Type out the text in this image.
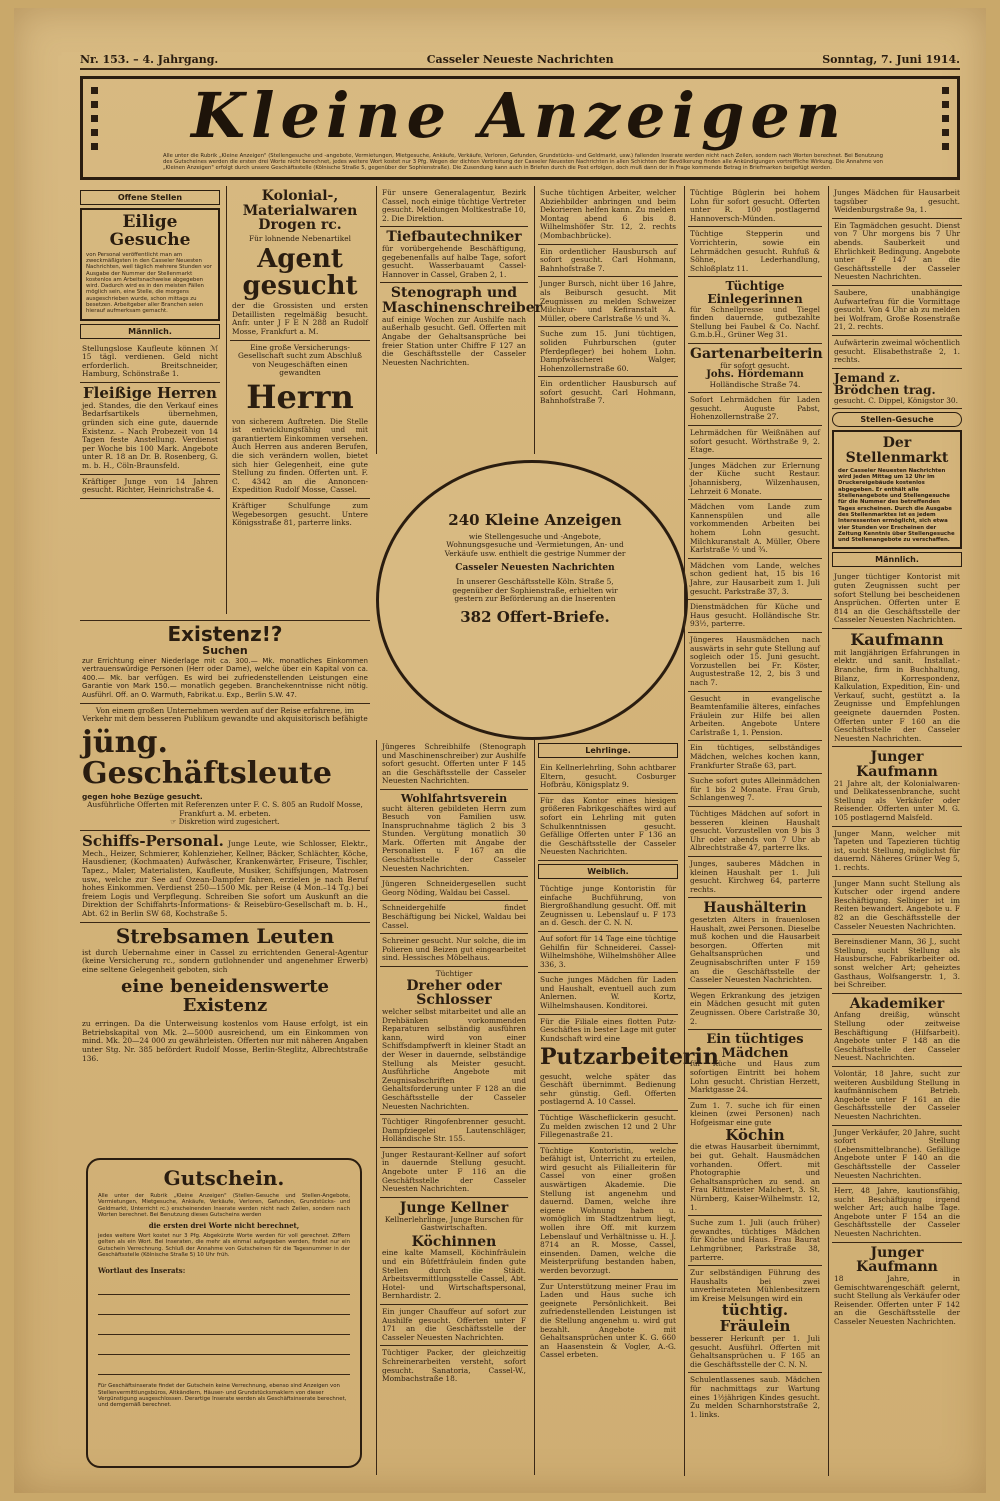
Nr. 153. – 4. Jahrgang.	Casseler Neueste Nachrichten	Sonntag, 7. Juni 1914.
Kleine Anzeigen
Alle unter die Rubrik „Kleine Anzeigen" (Stellengesuche und -angebote, Vermietungen, Mietgesuche, Ankäufe, Verkäufe, Verloren, Gefunden, Grundstücks- und Geldmarkt, usw.) fallenden Inserate werden nicht nach Zeilen, sondern nach Worten berechnet. Bei Benutzung des Gutscheines werden die ersten drei Worte nicht berechnet, jedes weitere Wort kostet nur 3 Pfg. Wegen der dichten Verbreitung der Casseler Neuesten Nachrichten in allen Schichten der Bevölkerung finden alle Ankündigungen vortreffliche Wirkung. Die Annahme von „Kleinen Anzeigen" erfolgt durch unsere Geschäftsstelle (Kölnische Straße 5, gegenüber der Sophienstraße). Die Zusendung kann auch in Briefen durch die Post erfolgen, doch muß dann der in Frage kommende Betrag in Briefmarken beigefügt werden.
Offene Stellen
Eilige Gesuche
von Personal veröffentlicht man am zweckmäßigsten in den Casseler Neuesten Nachrichten, weil täglich mehrere Stunden vor Ausgabe der Nummer der Stellenmarkt kostenlos am Arbeitsnachweise abgegeben wird. Dadurch wird es in den meisten Fällen möglich sein, eine Stelle, die morgens ausgeschrieben wurde, schon mittags zu besetzen. Arbeitgeber aller Branchen seien hierauf aufmerksam gemacht.
Männlich.
Stellungslose Kaufleute können ℳ 15 tägl. verdienen. Geld nicht erforderlich. Breitschneider, Hamburg, Schönstraße 1.
Fleißige Herren
jed. Standes, die den Verkauf eines Bedarfsartikels übernehmen, gründen sich eine gute, dauernde Existenz. – Nach Probezeit von 14 Tagen feste Anstellung. Verdienst per Woche bis 100 Mark. Angebote unter R. 18 an Dr. B. Rosenberg, G. m. b. H., Cöln-Braunsfeld.
Kräftiger Junge von 14 Jahren gesucht. Richter, Heinrichstraße 4.
Kolonial-, Materialwaren Drogen rc.
Für lohnende Nebenartikel
Agent gesucht
der die Grossisten und ersten Detaillisten regelmäßig besucht. Anfr. unter J F E N 288 an Rudolf Mosse, Frankfurt a. M.
Eine große Versicherungs-Gesellschaft sucht zum Abschluß von Neugeschäften einen gewandten
Herrn
von sicherem Auftreten. Die Stelle ist entwicklungsfähig und mit garantiertem Einkommen versehen. Auch Herren aus anderen Berufen, die sich verändern wollen, bietet sich hier Gelegenheit, eine gute Stellung zu finden. Offerten unt. F. C. 4342 an die Annoncen-Expedition Rudolf Mosse, Cassel.
Kräftiger Schulfunge zum Wegebesorgen gesucht. Untere Königsstraße 81, parterre links.
Existenz!?
Suchen
zur Errichtung einer Niederlage mit ca. 300.— Mk. monatliches Einkommen vertrauenswürdige Personen (Herr oder Dame), welche über ein Kapital von ca. 400.— Mk. bar verfügen. Es wird bei zufriedenstellenden Leistungen eine Garantie von Mark 150.— monatlich gegeben. Branchekenntnisse nicht nötig. Ausführl. Off. an O. Warmuth, Fabrikat.u. Exp., Berlin S.W. 47.
Von einem großen Unternehmen werden auf der Reise erfahrene, im Verkehr mit dem besseren Publikum gewandte und akquisitorisch befähigte
jüng. Geschäftsleute
gegen hohe Bezüge gesucht.
Ausführliche Offerten mit Referenzen unter F. C. S. 805 an Rudolf Mosse, Frankfurt a. M. erbeten.
☞ Diskretion wird zugesichert.
Schiffs-Personal. Junge Leute, wie Schlosser, Elektr., Mech., Heizer, Schmierer, Kohlenzieher, Kellner, Bäcker, Schlächter, Köche, Hausdiener, (Kochmaaten) Aufwäscher, Krankenwärter, Friseure, Tischler, Tapez., Maler, Materialisten, Kaufleute, Musiker, Schiffsjungen, Matrosen usw., welche zur See auf Ozean-Dampfer fahren, erzielen je nach Beruf hohes Einkommen. Verdienst 250—1500 Mk. per Reise (4 Mon.–14 Tg.) bei freiem Logis und Verpflegung. Schreiben Sie sofort um Auskunft an die Direktion der Schiffahrts-Informations- & Reisebüro-Gesellschaft m. b. H., Abt. 62 in Berlin SW 68, Kochstraße 5.
Strebsamen Leuten
ist durch Uebernahme einer in Cassel zu errichtenden General-Agentur (keine Versicherung rc., sondern gutlohnender und angenehmer Erwerb) eine seltene Gelegenheit geboten, sich
eine beneidenswerte Existenz
zu erringen. Da die Unterweisung kostenlos vom Hause erfolgt, ist ein Betriebskapital von Mk. 2—5000 ausreichend, um ein Einkommen von mind. Mk. 20—24 000 zu gewährleisten. Offerten nur mit näheren Angaben unter Stg. Nr. 385 befördert Rudolf Mosse, Berlin-Steglitz, Albrechtstraße 136.
Gutschein.
Alle unter der Rubrik „Kleine Anzeigen" (Stellen-Gesuche und Stellen-Angebote, Vermietungen, Mietgesuche, Ankäufe, Verkäufe, Verloren, Gefunden, Grundstücks- und Geldmarkt, Unterricht rc.) erscheinenden Inserate werden nicht nach Zeilen, sondern nach Worten berechnet. Bei Benutzung dieses Gutscheins werden
die ersten drei Worte nicht berechnet,
jedes weitere Wort kostet nur 3 Pfg. Abgekürzte Worte werden für voll gerechnet. Ziffern gelten als ein Wort. Bei Inseraten, die mehr als einmal aufgegeben werden, findet nur ein Gutschein Verrechnung. Schluß der Annahme von Gutscheinen für die Tagesnummer in der Geschäftsstelle (Kölnische Straße 5) 10 Uhr früh.
Wortlaut des Inserats:
Für Geschäftsinserate findet der Gutschein keine Verrechnung, ebenso sind Anzeigen von Stellenvermittlungsbüros, Altkändlern, Häuser- und Grundstücksmaklern von dieser Vergünstigung ausgeschlossen. Derartige Inserate werden als Geschäftsinserate berechnet, und demgemäß berechnet.
Für unsere Generalagentur, Bezirk Cassel, noch einige tüchtige Vertreter gesucht. Meldungen Moltkestraße 10, 2. Die Direktion.
Tiefbautechniker
für vorübergehende Beschäftigung, gegebenenfalls auf halbe Tage, sofort gesucht. Wasserbauamt Cassel-Hannover in Cassel, Graben 2, 1.
Stenograph und Maschinenschreiber
auf einige Wochen zur Aushilfe nach außerhalb gesucht. Gefl. Offerten mit Angabe der Gehaltsansprüche bei freier Station unter Chiffre F 127 an die Geschäftsstelle der Casseler Neuesten Nachrichten.
Suche tüchtigen Arbeiter, welcher Abziehbilder anbringen und beim Dekorieren helfen kann. Zu melden Montag abend 6 bis 8. Wilhelmshöfer Str. 12, 2. rechts (Mombachbrücke).
Ein ordentlicher Hausbursch auf sofort gesucht. Carl Hohmann, Bahnhofstraße 7.
Junger Bursch, nicht über 16 Jahre, als Beibursch gesucht. Mit Zeugnissen zu melden Schweizer Milchkur- und Kefiranstalt A. Müller, obere Carlstraße ½ und ¾.
Suche zum 15. Juni tüchtigen, soliden Fuhrburschen (guter Pferdepfleger) bei hohem Lohn. Dampfwäscherei Walger, Hohenzollernstraße 60.
Ein ordentlicher Hausbursch auf sofort gesucht. Carl Hohmann, Bahnhofstraße 7.
240 Kleine Anzeigen
wie Stellengesuche und -Angebote, Wohnungsgesuche und -Vermietungen, An- und Verkäufe usw. enthielt die gestrige Nummer der
Casseler Neuesten Nachrichten
In unserer Geschäftsstelle Köln. Straße 5, gegenüber der Sophienstraße, erhielten wir gestern zur Beförderung an die Inserenten
382 Offert-Briefe.
Jüngeres Schreibhilfe (Stenograph und Maschinenschreiber) zur Aushilfe sofort gesucht. Offerten unter F 145 an die Geschäftsstelle der Casseler Neuesten Nachrichten.
Wohlfahrtsverein
sucht älteren gebildeten Herrn zum Besuch von Familien usw. Inanspruchnahme täglich 2 bis 3 Stunden. Vergütung monatlich 30 Mark. Offerten mit Angabe der Personalien u. F 167 an die Geschäftsstelle der Casseler Neuesten Nachrichten.
Jüngeren Schneidergesellen sucht Georg Nöding, Waldau bei Cassel.
Schneidergehilfe findet Beschäftigung bei Nickel, Waldau bei Cassel.
Schreiner gesucht. Nur solche, die im Polieren und Beizen gut eingearbeitet sind. Hessisches Möbelhaus.
Tüchtiger
Dreher oder Schlosser
welcher selbst mitarbeitet und alle an Drehbänken vorkommenden Reparaturen selbständig ausführen kann, wird von einer Schiffsdampfwerft in kleiner Stadt an der Weser in dauernde, selbständige Stellung als Meister gesucht. Ausführliche Angebote mit Zeugnisabschriften und Gehaltsforderung unter F 128 an die Geschäftsstelle der Casseler Neuesten Nachrichten.
Tüchtiger Ringofenbrenner gesucht. Dampfziegelei Lautenschläger, Holländische Str. 155.
Junger Restaurant-Kellner auf sofort in dauernde Stellung gesucht. Angebote unter F 116 an die Geschäftsstelle der Casseler Neuesten Nachrichten.
Junge Kellner
Kellnerlehrlinge, Junge Burschen für Gastwirtschaften.
Köchinnen
eine kalte Mamsell, Köchinfräulein und ein Büfettfräulein finden gute Stellen durch die Städt. Arbeitsvermittlungsstelle Cassel, Abt. Hotel- und Wirtschaftspersonal, Bernhardistr. 2.
Ein junger Chauffeur auf sofort zur Aushilfe gesucht. Offerten unter F 171 an die Geschäftsstelle der Casseler Neuesten Nachrichten.
Tüchtiger Packer, der gleichzeitig Schreinerarbeiten versteht, sofort gesucht. Sanatoria, Cassel-W., Mombachstraße 18.
Lehrlinge.
Ein Kellnerlehrling, Sohn achtbarer Eltern, gesucht. Cosburger Hofbräu, Königsplatz 9.
Für das Kontor eines hiesigen größeren Fabrikgeschäftes wird auf sofort ein Lehrling mit guten Schulkenntnissen gesucht. Gefällige Offerten unter F 136 an die Geschäftsstelle der Casseler Neuesten Nachrichten.
Weiblich.
Tüchtige junge Kontoristin für einfache Buchführung, von Biergroßhandlung gesucht. Off. mit Zeugnissen u. Lebenslauf u. F 173 an d. Gesch. der C. N. N.
Auf sofort für 14 Tage eine tüchtige Gehilfin für Schneiderei. Cassel-Wilhelmshöhe, Wilhelmshöher Allee 336, 3.
Suche junges Mädchen für Laden und Haushalt, eventuell auch zum Anlernen. W. Kortz, Wilhelmshausen. Konditorei.
Für die Filiale eines flotten Putz-Geschäftes in bester Lage mit guter Kundschaft wird eine
Putzarbeiterin
gesucht, welche später das Geschäft übernimmt. Bedienung sehr günstig. Gefl. Offerten postlagernd A. 10 Cassel.
Tüchtige Wäscheflickerin gesucht. Zu melden zwischen 12 und 2 Uhr Fillegenastraße 21.
Tüchtige Kontoristin, welche befähigt ist, Unterricht zu erteilen, wird gesucht als Filialleiterin für Cassel von einer großen auswärtigen Akademie. Die Stellung ist angenehm und dauernd. Damen, welche ihre eigene Wohnung haben u. womöglich im Stadtzentrum liegt, wollen ihre Off. mit kurzem Lebenslauf und Verhältnisse u. H. J. 8714 an R. Mosse, Cassel, einsenden. Damen, welche die Meisterprüfung bestanden haben, werden bevorzugt.
Zur Unterstützung meiner Frau im Laden und Haus suche ich geeignete Persönlichkeit. Bei zufriedenstellenden Leistungen ist die Stellung angenehm u. wird gut bezahlt. Angebote mit Gehaltsansprüchen unter K. G. 660 an Haasenstein & Vogler, A.-G. Cassel erbeten.
Tüchtige Büglerin bei hohem Lohn für sofort gesucht. Offerten unter R. 100 postlagernd Hannoversch-Münden.
Tüchtige Stepperin und Vorrichterin, sowie ein Lehrmädchen gesucht. Ruhfuß & Söhne, Lederhandlung, Schloßplatz 11.
Tüchtige Einlegerinnen
für Schnellpresse und Tiegel finden dauernde, gutbezahlte Stellung bei Faubel & Co. Nachf. G.m.b.H., Grüner Weg 31.
Gartenarbeiterin
für sofort gesucht.
Johs. Hördemann
Holländische Straße 74.
Sofort Lehrmädchen für Laden gesucht. Auguste Pabst, Hohenzollernstraße 27.
Lehrmädchen für Weißnähen auf sofort gesucht. Wörthstraße 9, 2. Etage.
Junges Mädchen zur Erlernung der Küche sucht Restaur. Johannisberg, Wilzenhausen, Lehrzeit 6 Monate.
Mädchen vom Lande zum Kannenspülen und alle vorkommenden Arbeiten bei hohem Lohn gesucht. Milchkuranstalt A. Müller, Obere Karlstraße ½ und ¾.
Mädchen vom Lande, welches schon gedient hat, 15 bis 16 Jahre, zur Hausarbeit zum 1. Juli gesucht. Parkstraße 37, 3.
Dienstmädchen für Küche und Haus gesucht. Holländische Str. 93½, parterre.
Jüngeres Hausmädchen nach auswärts in sehr gute Stellung auf sogleich oder 15. Juni gesucht. Vorzustellen bei Fr. Köster, Augustestraße 12, 2, bis 3 und nach 7.
Gesucht in evangelische Beamtenfamilie älteres, einfaches Fräulein zur Hilfe bei allen Arbeiten. Angebote Untere Carlstraße 1, 1. Pension.
Ein tüchtiges, selbständiges Mädchen, welches kochen kann, Frankfurter Straße 63, part.
Suche sofort gutes Alleinmädchen für 1 bis 2 Monate. Frau Grub, Schlangenweg 7.
Tüchtiges Mädchen auf sofort in besseren kleinen Haushalt gesucht. Vorzustellen von 9 bis 3 Uhr oder abends von 7 Uhr ab Albrechtstraße 47, parterre lks.
Junges, sauberes Mädchen in kleinen Haushalt per 1. Juli gesucht. Kirchweg 64, parterre rechts.
Haushälterin
gesetzten Alters in frauenlosen Haushalt, zwei Personen. Dieselbe muß kochen und die Hausarbeit besorgen. Offerten mit Gehaltsansprüchen und Zeugnisabschriften unter F 159 an die Geschäftsstelle der Casseler Neuesten Nachrichten.
Wegen Erkrankung des jetzigen ein Mädchen gesucht mit guten Zeugnissen. Obere Carlstraße 30, 2.
Ein tüchtiges Mädchen
für Küche und Haus zum sofortigen Eintritt bei hohem Lohn gesucht. Christian Herzett, Marktgasse 24.
Zum 1. 7. suche ich für einen kleinen (zwei Personen) nach Hofgeismar eine gute
Köchin
die etwas Hausarbeit übernimmt, bei gut. Gehalt. Hausmädchen vorhanden. Offert. mit Photographie und Gehaltsansprüchen zu send. an Frau Rittmeister Malchert, 3. St. Nürnberg, Kaiser-Wilhelmstr. 12, 1.
Suche zum 1. Juli (auch früher) gewandtes, tüchtiges Mädchen für Küche und Haus. Frau Baurat Lehmgrübner, Parkstraße 38, parterre.
Zur selbständigen Führung des Haushalts bei zwei unverheirateten Mühlenbesitzern im Kreise Melsungen wird ein
tüchtig. Fräulein
besserer Herkunft per 1. Juli gesucht. Ausführl. Offerten mit Gehaltsansprüchen u. F 165 an die Geschäftsstelle der C. N. N.
Schulentlassenes saub. Mädchen für nachmittags zur Wartung eines 1½jährigen Kindes gesucht. Zu melden Scharnhorststraße 2, 1. links.
Junges Mädchen für Hausarbeit tagsüber gesucht. Weidenburgstraße 9a, 1.
Ein Tagmädchen gesucht. Dienst von 7 Uhr morgens bis 7 Uhr abends. Sauberkeit und Ehrlichkeit Bedingung. Angebote unter F 147 an die Geschäftsstelle der Casseler Neuesten Nachrichten.
Saubere, unabhängige Aufwartefrau für die Vormittage gesucht. Von 4 Uhr ab zu melden bei Wolfram, Große Rosenstraße 21, 2. rechts.
Aufwärterin zweimal wöchentlich gesucht. Elisabethstraße 2, 1. rechts.
Jemand z. Brödchen trag.
gesucht. C. Dippel, Königstor 30.
Stellen-Gesuche
Der Stellenmarkt
der Casseler Neuesten Nachrichten wird jeden Mittag um 12 Uhr im Druckereigebäude kostenlos abgegeben. Er enthält alle Stellenangebote und Stellengesuche für die Nummer des betreffenden Tages erscheinen. Durch die Ausgabe des Stellenmarktes ist es jedem Interessenten ermöglicht, sich etwa vier Stunden vor Erscheinen der Zeitung Kenntnis über Stellengesuche und Stellenangebote zu verschaffen.
Männlich.
Junger tüchtiger Kontorist mit guten Zeugnissen sucht per sofort Stellung bei bescheidenen Ansprüchen. Offerten unter E 814 an die Geschäftsstelle der Casseler Neuesten Nachrichten.
Kaufmann
mit langjährigen Erfahrungen in elektr. und sanit. Installat.-Branche, firm in Buchhaltung, Bilanz, Korrespondenz, Kalkulation, Expedition, Ein- und Verkauf, sucht, gestützt a. Ia Zeugnisse und Empfehlungen geeignete dauernden Posten. Offerten unter F 160 an die Geschäftsstelle der Casseler Neuesten Nachrichten.
Junger Kaufmann
21 Jahre alt, der Kolonialwaren- und Delikatessenbranche, sucht Stellung als Verkäufer oder Reisender. Offerten unter M. G. 105 postlagernd Malsfeld.
Junger Mann, welcher mit Tapeten und Tapezieren tüchtig ist, sucht Stellung, möglichst für dauernd. Näheres Grüner Weg 5, 1. rechts.
Junger Mann sucht Stellung als Kutscher oder irgend andere Beschäftigung. Selbiger ist im Reiten bewandert. Angebote u. F 82 an die Geschäftsstelle der Casseler Neuesten Nachrichten.
Bereinsdiener Mann, 36 J., sucht Stellung, sucht Stellung als Hausbursche, Fabrikarbeiter od. sonst welcher Art; geheiztes Gasthaus, Wolfsangerstr. 1, 3. bei Schreiber.
Akademiker
Anfang dreißig, wünscht Stellung oder zeitweise Beschäftigung (Hilfsarbeit). Angebote unter F 148 an die Geschäftsstelle der Casseler Neuest. Nachrichten.
Volontär, 18 Jahre, sucht zur weiteren Ausbildung Stellung in kaufmännischem Betrieb. Angebote unter F 161 an die Geschäftsstelle der Casseler Neuesten Nachrichten.
Junger Verkäufer, 20 Jahre, sucht sofort Stellung (Lebensmittelbranche). Gefällige Angebote unter F 140 an die Geschäftsstelle der Casseler Neuesten Nachrichten.
Herr, 48 Jahre, kautionsfähig, sucht Beschäftigung irgend welcher Art; auch halbe Tage. Angebote unter F 154 an die Geschäftsstelle der Casseler Neuesten Nachrichten.
Junger Kaufmann
18 Jahre, in Gemischtwarengeschäft gelernt, sucht Stellung als Verkäufer oder Reisender. Offerten unter F 142 an die Geschäftsstelle der Casseler Neuesten Nachrichten.
